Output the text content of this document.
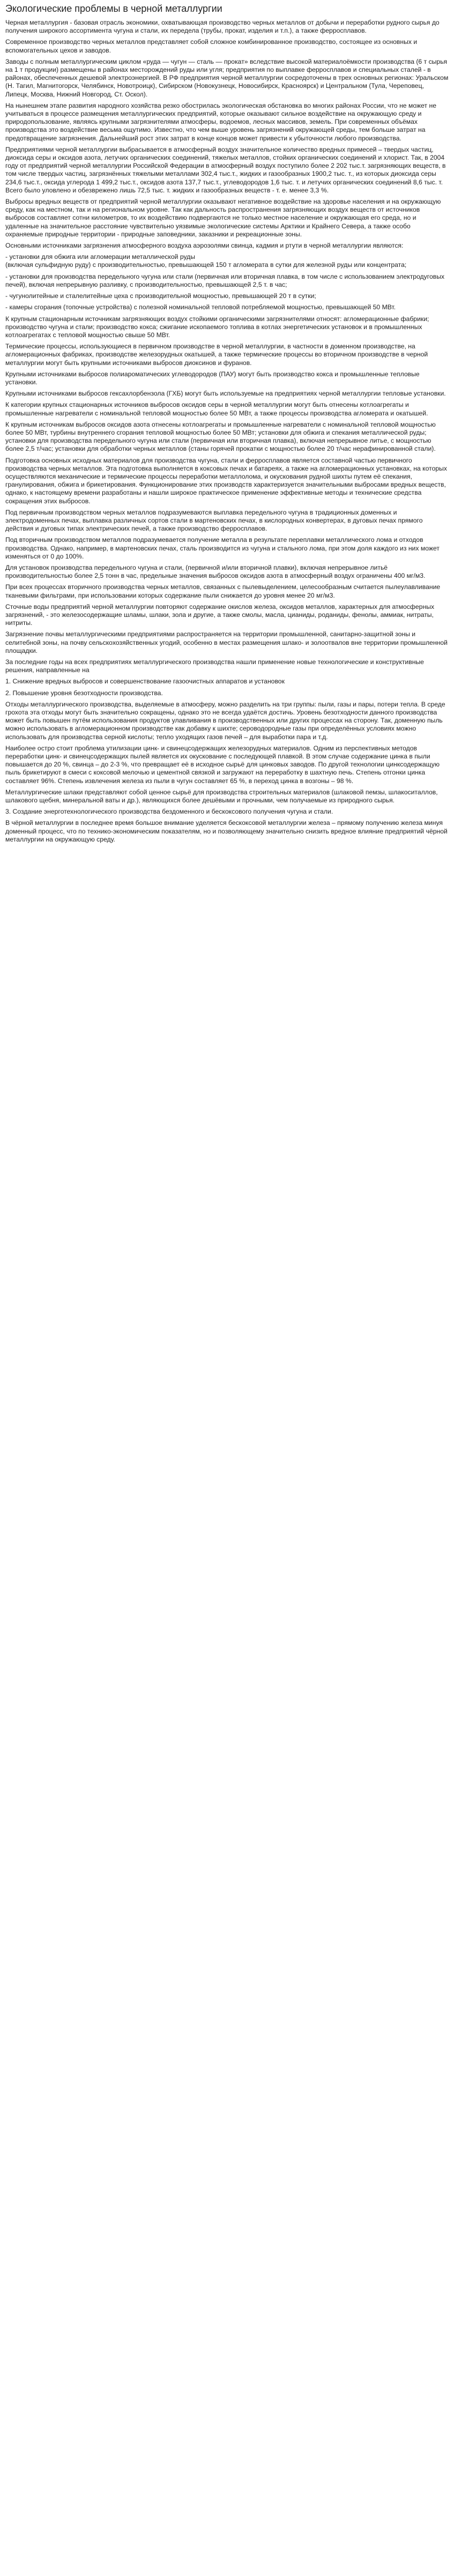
Экологические проблемы в черной металлургии

Черная металлургия - базовая отрасль экономики, охватывающая производство черных металлов от добычи и переработки рудного сырья до получения широкого ассортимента чугуна и стали, их передела (трубы, прокат, изделия и т.п.), а также ферросплавов.

Современное производство черных металлов представляет собой сложное комбинированное производство, состоящее из основных и вспомогательных цехов и заводов.

Заводы с полным металлургическим циклом «руда — чугун — сталь — прокат» вследствие высокой материалоёмкости производства (6 т сырья на 1 т продукции) размещены в районах месторождений руды или угля; предприятия по выплавке ферросплавов и специальных сталей - в районах, обеспеченных дешевой электроэнергией. В РФ предприятия черной металлургии сосредоточены в трех основных регионах: Уральском (Н. Тагил, Магнитогорск, Челябинск, Новотроицк), Сибирском (Новокузнецк, Новосибирск, Красноярск) и Центральном (Тула, Череповец, Липецк, Москва, Нижний Новгород, Ст. Оскол).

На нынешнем этапе развития народного хозяйства резко обострилась экологическая обстановка во многих районах России, что не может не учитываться в процессе размещения металлургических предприятий, которые оказывают сильное воздействие на окружающую среду и природопользование, являясь крупными загрязнителями атмосферы, водоемов, лесных массивов, земель. При современных объёмах производства это воздействие весьма ощутимо. Известно, что чем выше уровень загрязнений окружающей среды, тем больше затрат на предотвращение загрязнения. Дальнейший рост этих затрат в конце концов может привести к убыточности любого производства.

Предприятиями черной металлургии выбрасывается в атмосферный воздух значительное количество вредных примесей – твердых частиц, диоксида серы и оксидов азота, летучих органических соединений, тяжелых металлов, стойких органических соединений и хлорист. Так, в 2004 году от предприятий черной металлургии Российской Федерации в атмосферный воздух поступило более 2 202 тыс.т. загрязняющих веществ, в том числе твердых частиц, загрязнённых тяжелыми металлами 302,4 тыс.т., жидких и газообразных 1900,2 тыс. т., из которых диоксида серы 234,6 тыс.т., оксида углерода 1 499,2 тыс.т., оксидов азота 137,7 тыс.т., углеводородов 1,6 тыс. т. и летучих органических соединений 8,6 тыс. т. Всего было уловлено и обезврежено лишь 72,5 тыс. т. жидких и газообразных веществ - т. е. менее 3,3 %.

Выбросы вредных веществ от предприятий черной металлургии оказывают негативное воздействие на здоровье населения и на окружающую среду, как на местном, так и на региональном уровне. Так как дальность распространения загрязняющих воздух веществ от источников выбросов составляет сотни километров, то их воздействию подвергаются не только местное население и окружающая его среда, но и удаленные на значительное расстояние чувствительно уязвимые экологические системы Арктики и Крайнего Севера, а также особо охраняемые природные территории - природные заповедники, заказники и рекреационные зоны.

Основными источниками загрязнения атмосферного воздуха аэрозолями свинца, кадмия и ртути в черной металлургии являются:

- установки для обжига или агломерации металлической руды
(включая сульфидную руду) с производительностью, превышающей 150 т агломерата в сутки для железной руды или концентрата;

- установки для производства передельного чугуна или стали (первичная или вторичная плавка, в том числе с использованием электродуговых печей), включая непрерывную разливку, с производительностью, превышающей 2,5 т. в час;

- чугунолитейные и сталелитейные цеха с производительной мощностью, превышающей 20 т в сутки;

- камеры сгорания (топочные устройства) с полезной номинальной тепловой потребляемой мощностью, превышающей 50 МВт.

К крупным стационарным источникам загрязняющих воздух стойкими органическими загрязнителями относят: агломерационные фабрики; производство чугуна и стали; производство кокса; сжигание ископаемого топлива в котлах энергетических установок и в промышленных котлоагрегатах с тепловой мощностью свыше 50 МВт.

Термические процессы, использующиеся в первичном производстве в черной металлургии, в частности в доменном производстве, на агломерационных фабриках, производстве железорудных окатышей, а также термические процессы во вторичном производстве в черной металлургии могут быть крупными источниками выбросов диоксинов и фуранов.

Крупными источниками выбросов полиароматических углеводородов (ПАУ) могут быть производство кокса и промышленные тепловые установки.

Крупными источниками выбросов гексахлорбензола (ГХБ) могут быть используемые на предприятиях черной металлургии тепловые установки.

К категории крупных стационарных источников выбросов оксидов серы в черной металлургии могут быть отнесены котлоагрегаты и промышленные нагреватели с номинальной тепловой мощностью более 50 МВт, а также процессы производства агломерата и окатышей.

К крупным источникам выбросов оксидов азота отнесены котлоагрегаты и промышленные нагреватели с номинальной тепловой мощностью более 50 МВт, турбины внутреннего сгорания тепловой мощностью более 50 МВт; установки для обжига и спекания металлической руды; установки для производства передельного чугуна или стали (первичная или вторичная плавка), включая непрерывное литье, с мощностью более 2,5 т/час; установки для обработки черных металлов (станы горячей прокатки с мощностью более 20 т/час нерафинированной стали).

Подготовка основных исходных материалов для производства чугуна, стали и ферросплавов является составной частью первичного производства черных металлов. Эта подготовка выполняется в коксовых печах и батареях, а также на агломерационных установках, на которых осуществляются механические и термические процессы переработки металлолома, и окускования рудной шихты путем её спекания, гранулирования, обжига и брикетирования. Функционирование этих производств характеризуется значительными выбросами вредных веществ, однако, к настоящему времени разработаны и нашли широкое практическое применение эффективные методы и технические средства сокращения этих выбросов.

Под первичным производством черных металлов подразумеваются выплавка передельного чугуна в традиционных доменных и электродоменных печах, выплавка различных сортов стали в мартеновских печах, в кислородных конвертерах, в дуговых печах прямого действия и дуговых типах электрических печей, а также производство ферросплавов.

Под вторичным производством металлов подразумевается получение металла в результате переплавки металлического лома и отходов производства. Однако, например, в мартеновских печах, сталь производится из чугуна и стального лома, при этом доля каждого из них может изменяться от 0 до 100%.

Для установок производства передельного чугуна и стали, (первичной и/или вторичной плавки), включая непрерывное литьё производительностью более 2,5 тонн в час, предельные значения выбросов оксидов азота в атмосферный воздух ограничены 400 мг/м3.

При всех процессах вторичного производства черных металлов, связанных с пылевыделением, целесообразным считается пылеулавливание тканевыми фильтрами, при использовании которых содержание пыли снижается до уровня менее 20 мг/м3.

Сточные воды предприятий черной металлургии повторяют содержание окислов железа, оксидов металлов, характерных для атмосферных загрязнений, - это железосодержащие шламы, шлаки, зола и другие, а также смолы, масла, цианиды, роданиды, фенолы, аммиак, нитраты, нитриты.

Загрязнение почвы металлургическими предприятиями распространяется на территории промышленной, санитарно-защитной зоны и селитебной зоны, на почву сельскохозяйственных угодий, особенно в местах размещения шлако- и золоотвалов вне территории промышленной площадки.

За последние годы на всех предприятиях металлургического производства нашли применение новые технологические и конструктивные решения, направленные на

1. Снижение вредных выбросов и совершенствование газоочистных аппаратов и установок

2. Повышение уровня безотходности производства.

Отходы металлургического производства, выделяемые в атмосферу, можно разделить на три группы: пыли, газы и пары, потери тепла. В среде грохота эта отходы могут быть значительно сокращены, однако это не всегда удаётся достичь. Уровень безотходности данного производства может быть повышен путём использования продуктов улавливания в производственных или других процессах на сторону. Так, доменную пыль можно использовать в агломерационном производстве как добавку к шихте; сероводородные газы при определённых условиях можно использовать для производства серной кислоты; тепло уходящих газов печей – для выработки пара и т.д.

Наиболее остро стоит проблема утилизации цинк- и свинецсодержащих железорудных материалов. Одним из перспективных методов переработки цинк- и свинецсодержащих пылей является их окускование с последующей плавкой. В этом случае содержание цинка в пыли повышается до 20 %, свинца – до 2-3 %, что превращает её в исходное сырьё для цинковых заводов. По другой технологии цинксодержащую пыль брикетируют в смеси с коксовой мелочью и цементной связкой и загружают на переработку в шахтную печь. Степень отгонки цинка составляет 96%. Степень извлечения железа из пыли в чугун составляет 65 %, в переход цинка в возгоны – 98 %.

Металлургические шлаки представляют собой ценное сырьё для производства строительных материалов (шлаковой пемзы, шлакоситаллов, шлакового щебня, минеральной ваты и др.), являющихся более дешёвыми и прочными, чем получаемые из природного сырья.

3. Создание энерготехнологического производства бездоменного и бескоксового получения чугуна и стали.

В чёрной металлургии в последнее время большое внимание уделяется бескоксовой металлургии железа – прямому получению железа минуя доменный процесс, что по технико-экономическим показателям, но и позволяющему значительно снизить вредное влияние предприятий чёрной металлургии на окружающую среду.
